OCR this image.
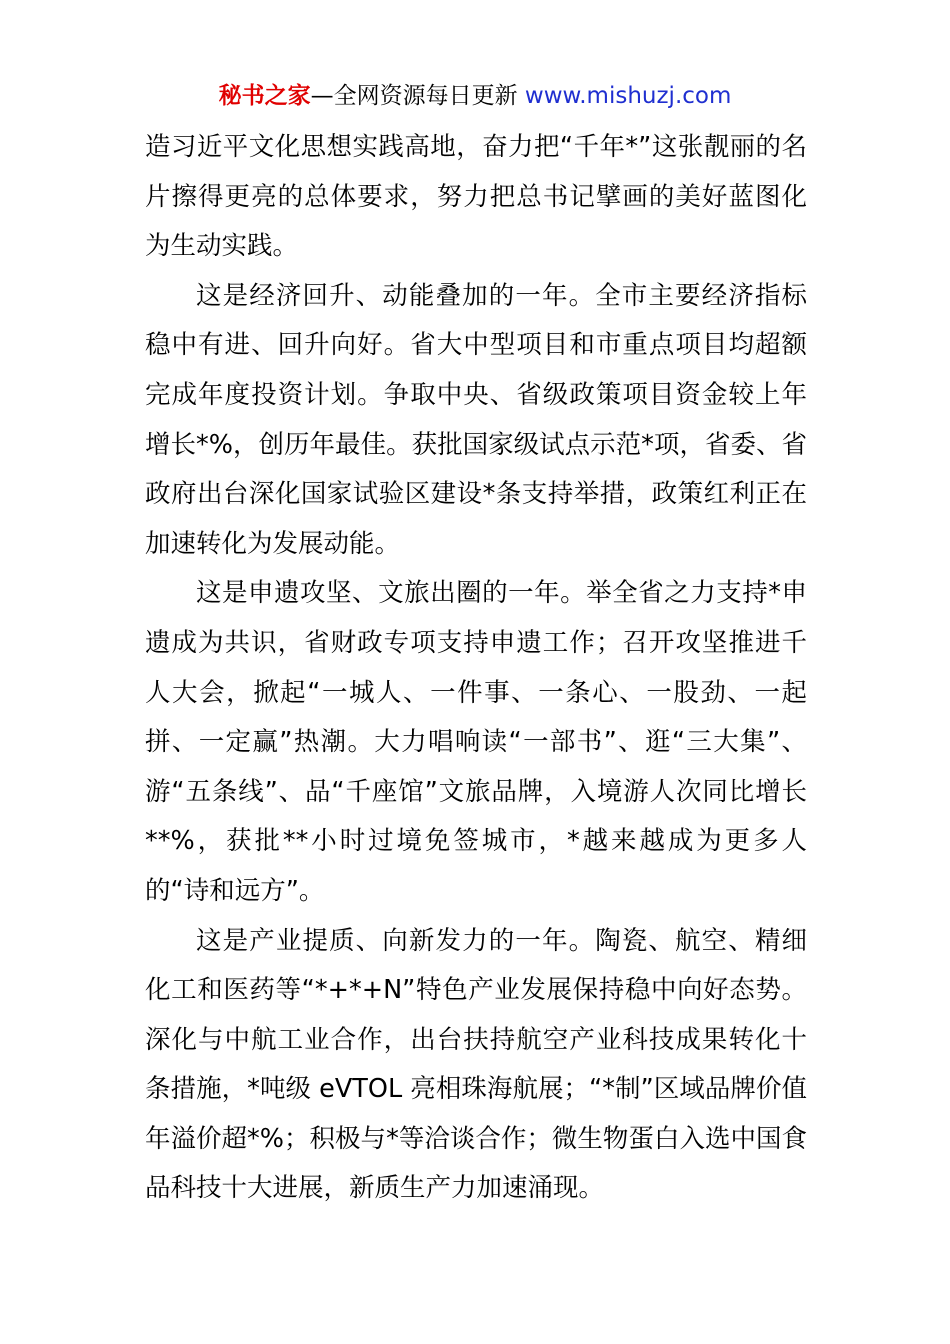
秘书之家—全网资源每日更新 www.mishuzj.com

造习近平文化思想实践高地，奋力把“千年*”这张靓丽的名片擦得更亮的总体要求，努力把总书记擘画的美好蓝图化为生动实践。

这是经济回升、动能叠加的一年。全市主要经济指标稳中有进、回升向好。省大中型项目和市重点项目均超额完成年度投资计划。争取中央、省级政策项目资金较上年增长*%，创历年最佳。获批国家级试点示范*项，省委、省政府出台深化国家试验区建设*条支持举措，政策红利正在加速转化为发展动能。

这是申遗攻坚、文旅出圈的一年。举全省之力支持*申遗成为共识，省财政专项支持申遗工作；召开攻坚推进千人大会，掀起“一城人、一件事、一条心、一股劲、一起拼、一定赢”热潮。大力唱响读“一部书”、逛“三大集”、游“五条线”、品“千座馆”文旅品牌，入境游人次同比增长**%，获批**小时过境免签城市，*越来越成为更多人的“诗和远方”。

这是产业提质、向新发力的一年。陶瓷、航空、精细化工和医药等“*+*+N”特色产业发展保持稳中向好态势。深化与中航工业合作，出台扶持航空产业科技成果转化十条措施，*吨级 eVTOL 亮相珠海航展；“*制”区域品牌价值年溢价超*%；积极与*等洽谈合作；微生物蛋白入选中国食品科技十大进展，新质生产力加速涌现。
